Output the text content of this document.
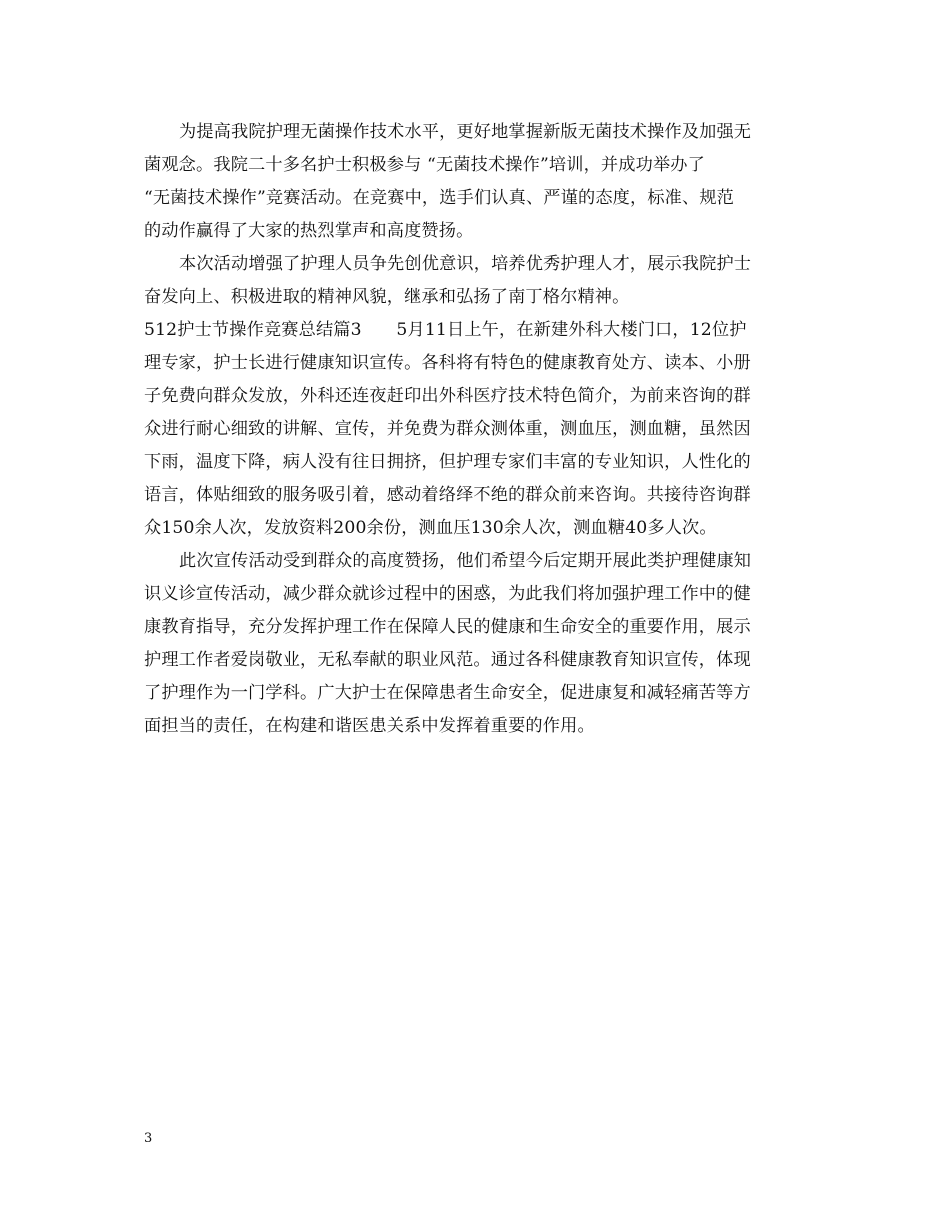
为提高我院护理无菌操作技术水平，更好地掌握新版无菌技术操作及加强无
菌观念。我院二十多名护士积极参与 “无菌技术操作”培训，并成功举办了
“无菌技术操作”竞赛活动。在竞赛中，选手们认真、严谨的态度，标准、规范
的动作赢得了大家的热烈掌声和高度赞扬。
本次活动增强了护理人员争先创优意识，培养优秀护理人才，展示我院护士
奋发向上、积极进取的精神风貌，继承和弘扬了南丁格尔精神。
512护士节操作竞赛总结篇3　　5月11日上午，在新建外科大楼门口，12位护
理专家，护士长进行健康知识宣传。各科将有特色的健康教育处方、读本、小册
子免费向群众发放，外科还连夜赶印出外科医疗技术特色简介，为前来咨询的群
众进行耐心细致的讲解、宣传，并免费为群众测体重，测血压，测血糖，虽然因
下雨，温度下降，病人没有往日拥挤，但护理专家们丰富的专业知识，人性化的
语言，体贴细致的服务吸引着，感动着络绎不绝的群众前来咨询。共接待咨询群
众150余人次，发放资料200余份，测血压130余人次，测血糖40多人次。
此次宣传活动受到群众的高度赞扬，他们希望今后定期开展此类护理健康知
识义诊宣传活动，减少群众就诊过程中的困惑，为此我们将加强护理工作中的健
康教育指导，充分发挥护理工作在保障人民的健康和生命安全的重要作用，展示
护理工作者爱岗敬业，无私奉献的职业风范。通过各科健康教育知识宣传，体现
了护理作为一门学科。广大护士在保障患者生命安全，促进康复和减轻痛苦等方
面担当的责任，在构建和谐医患关系中发挥着重要的作用。
3
